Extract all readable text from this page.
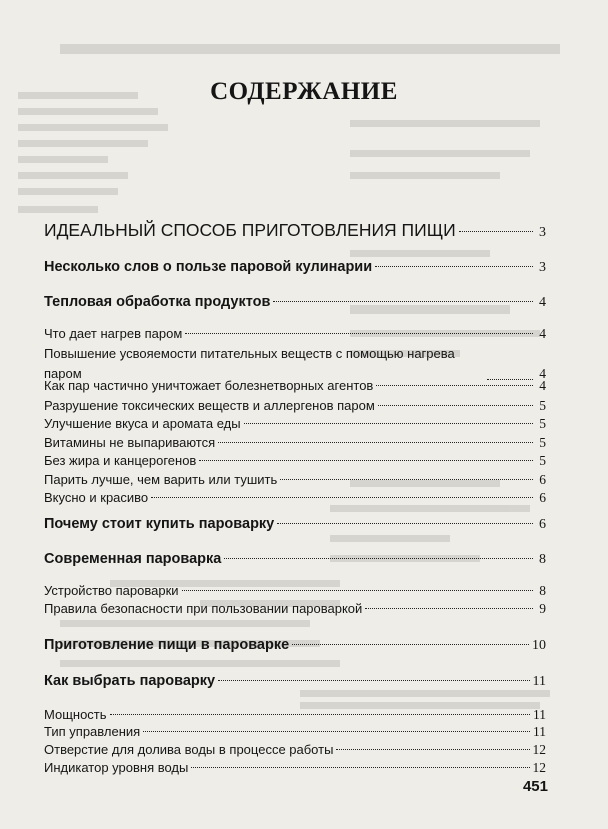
СОДЕРЖАНИЕ
ИДЕАЛЬНЫЙ СПОСОБ ПРИГОТОВЛЕНИЯ ПИЩИ	3
Несколько слов о пользе паровой кулинарии	3
Тепловая обработка продуктов	4
Что дает нагрев паром	4
Повышение усвояемости питательных веществ с помощью нагрева паром	4
Как пар частично уничтожает болезнетворных агентов	4
Разрушение токсических веществ и аллергенов паром	5
Улучшение вкуса и аромата еды	5
Витамины не выпариваются	5
Без жира и канцерогенов	5
Парить лучше, чем варить или тушить	6
Вкусно и красиво	6
Почему стоит купить пароварку	6
Современная пароварка	8
Устройство пароварки	8
Правила безопасности при пользовании пароваркой	9
Приготовление пищи в пароварке	10
Как выбрать пароварку	11
Мощность	11
Тип управления	11
Отверстие для долива воды в процессе работы	12
Индикатор уровня воды	12
451
